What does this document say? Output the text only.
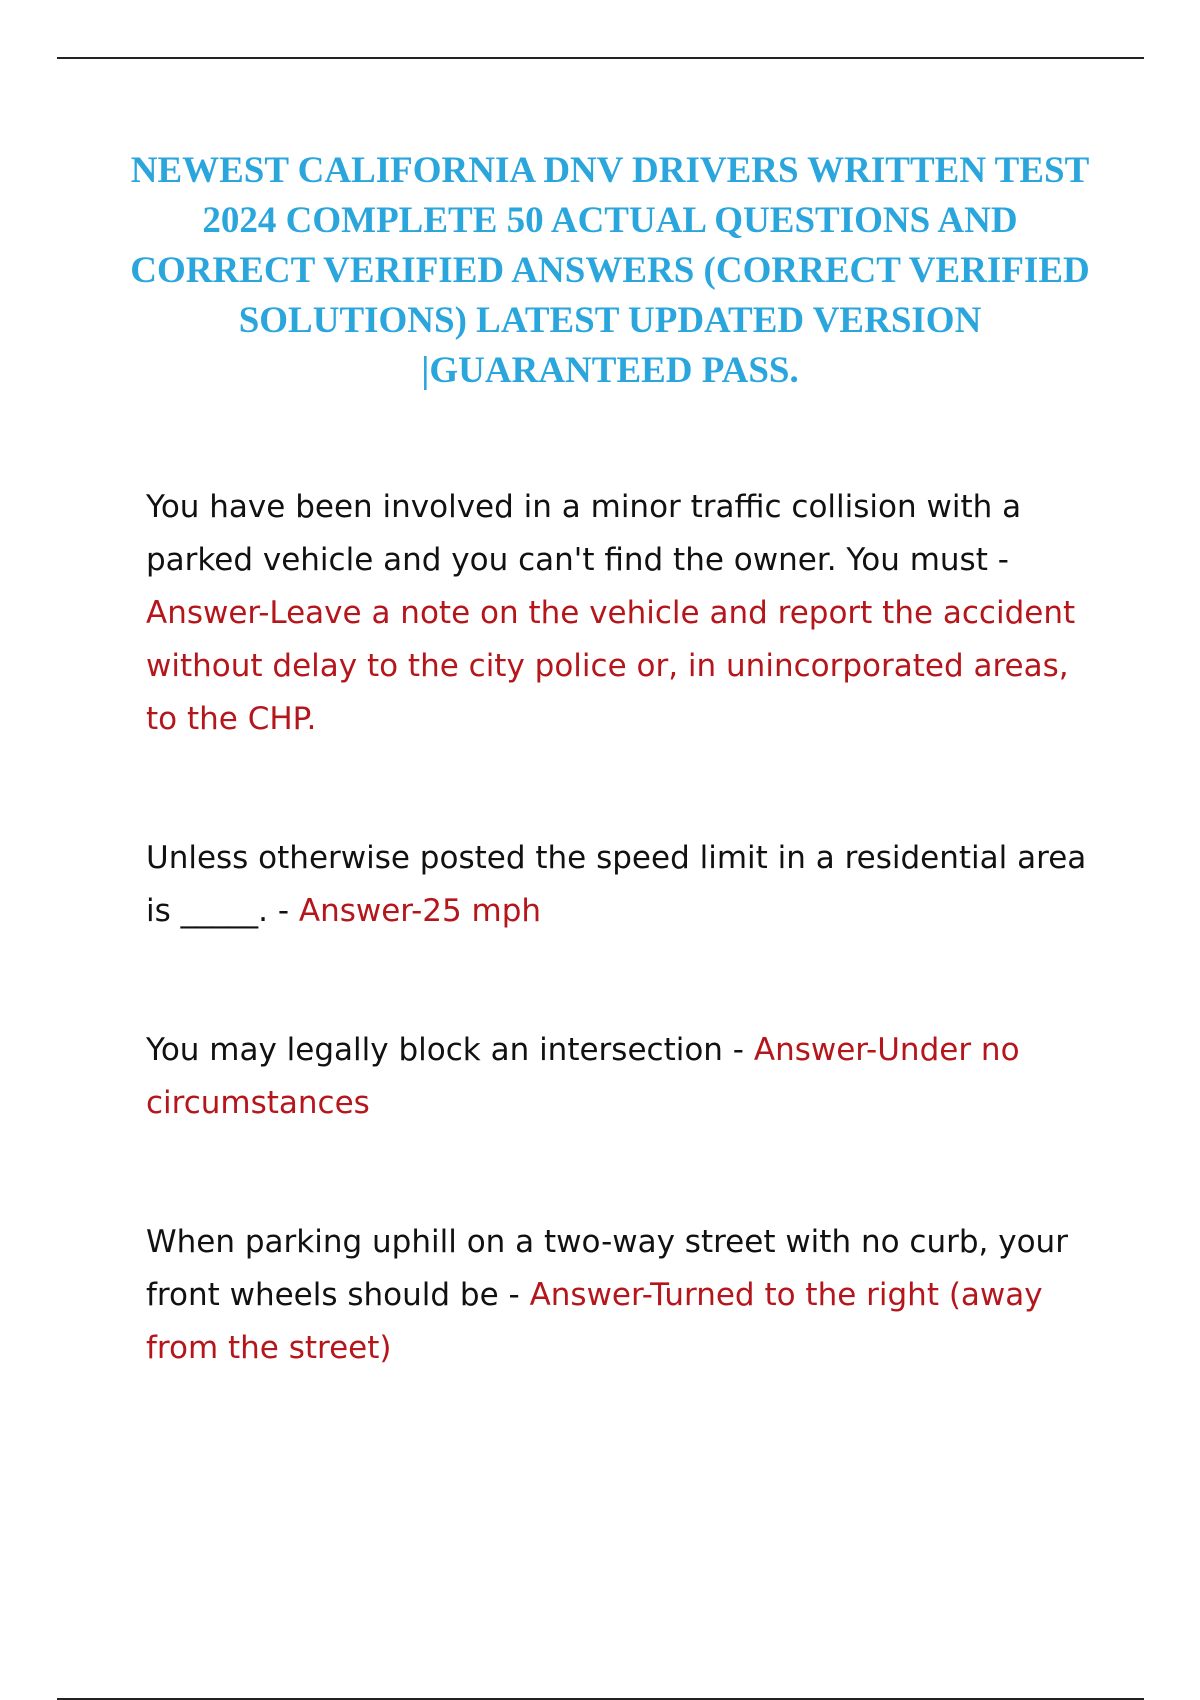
NEWEST CALIFORNIA DNV DRIVERS WRITTEN TEST 2024 COMPLETE 50 ACTUAL QUESTIONS AND CORRECT VERIFIED ANSWERS (CORRECT VERIFIED SOLUTIONS) LATEST UPDATED VERSION |GUARANTEED PASS.

You have been involved in a minor traffic collision with a parked vehicle and you can't find the owner. You must - Answer-Leave a note on the vehicle and report the accident without delay to the city police or, in unincorporated areas, to the CHP.

Unless otherwise posted the speed limit in a residential area is _____. - Answer-25 mph

You may legally block an intersection - Answer-Under no circumstances

When parking uphill on a two-way street with no curb, your front wheels should be - Answer-Turned to the right (away from the street)
